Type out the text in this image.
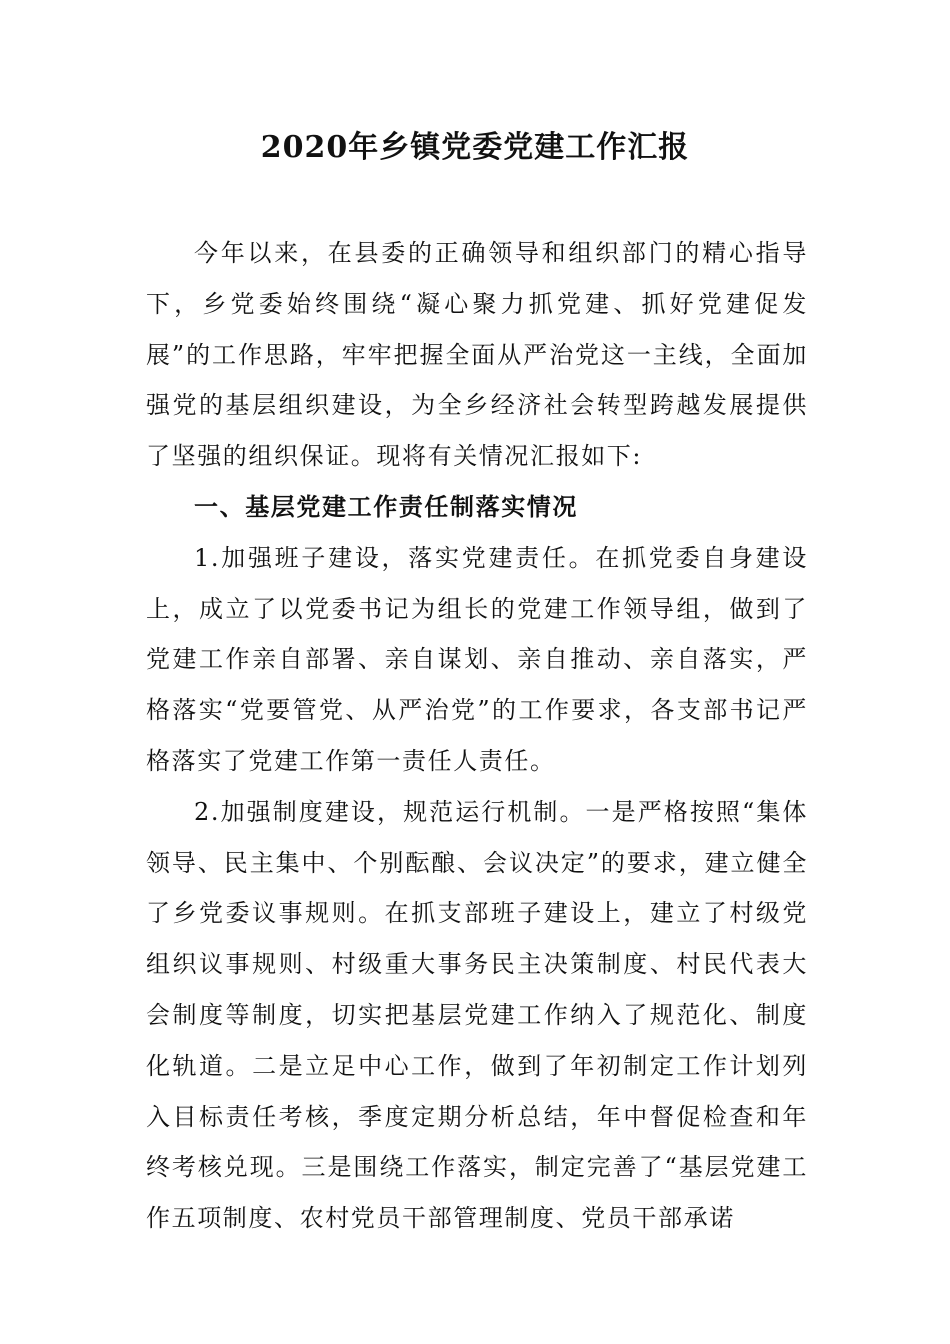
2020年乡镇党委党建工作汇报

今年以来，在县委的正确领导和组织部门的精心指导下，乡党委始终围绕“凝心聚力抓党建、抓好党建促发展”的工作思路，牢牢把握全面从严治党这一主线，全面加强党的基层组织建设，为全乡经济社会转型跨越发展提供了坚强的组织保证。现将有关情况汇报如下:

一、基层党建工作责任制落实情况

1.加强班子建设，落实党建责任。在抓党委自身建设上，成立了以党委书记为组长的党建工作领导组，做到了党建工作亲自部署、亲自谋划、亲自推动、亲自落实，严格落实“党要管党、从严治党”的工作要求，各支部书记严格落实了党建工作第一责任人责任。

2.加强制度建设，规范运行机制。一是严格按照“集体领导、民主集中、个别酝酿、会议决定”的要求，建立健全了乡党委议事规则。在抓支部班子建设上，建立了村级党组织议事规则、村级重大事务民主决策制度、村民代表大会制度等制度，切实把基层党建工作纳入了规范化、制度化轨道。二是立足中心工作，做到了年初制定工作计划列入目标责任考核，季度定期分析总结，年中督促检查和年终考核兑现。三是围绕工作落实，制定完善了“基层党建工作五项制度、农村党员干部管理制度、党员干部承诺
